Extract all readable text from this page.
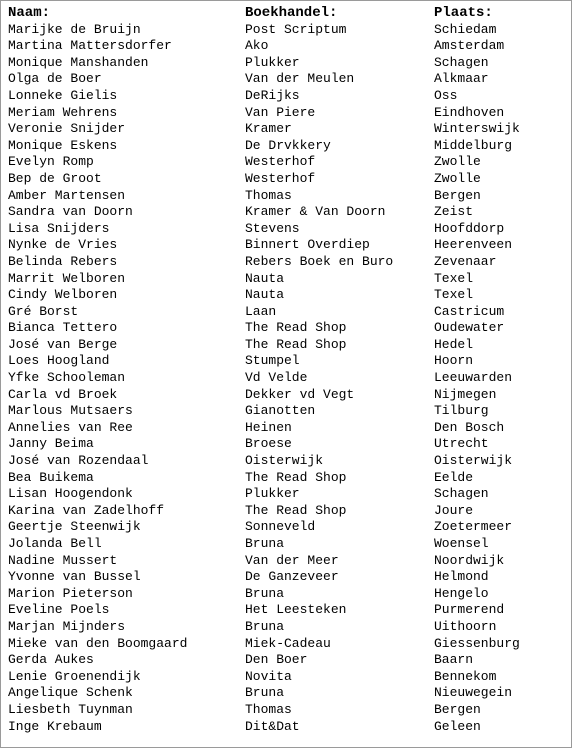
Naam:	Boekhandel:	Plaats:
Marijke de Bruijn	Post Scriptum	Schiedam
Martina Mattersdorfer	Ako	Amsterdam
Monique Manshanden	Plukker	Schagen
Olga de Boer	Van der Meulen	Alkmaar
Lonneke Gielis	DeRijks	Oss
Meriam Wehrens	Van Piere	Eindhoven
Veronie Snijder	Kramer	Winterswijk
Monique Eskens	De Drvkkery	Middelburg
Evelyn Romp	Westerhof	Zwolle
Bep de Groot	Westerhof	Zwolle
Amber Martensen	Thomas	Bergen
Sandra van Doorn	Kramer & Van Doorn	Zeist
Lisa Snijders	Stevens	Hoofddorp
Nynke de Vries	Binnert Overdiep	Heerenveen
Belinda Rebers	Rebers Boek en Buro	Zevenaar
Marrit Welboren	Nauta	Texel
Cindy Welboren	Nauta	Texel
Gré Borst	Laan	Castricum
Bianca Tettero	The Read Shop	Oudewater
José van Berge	The Read Shop	Hedel
Loes Hoogland	Stumpel	Hoorn
Yfke Schooleman	Vd Velde	Leeuwarden
Carla vd Broek	Dekker vd Vegt	Nijmegen
Marlous Mutsaers	Gianotten	Tilburg
Annelies van Ree	Heinen	Den Bosch
Janny Beima	Broese	Utrecht
José van Rozendaal	Oisterwijk	Oisterwijk
Bea Buikema	The Read Shop	Eelde
Lisan Hoogendonk	Plukker	Schagen
Karina van Zadelhoff	The Read Shop	Joure
Geertje Steenwijk	Sonneveld	Zoetermeer
Jolanda Bell	Bruna	Woensel
Nadine Mussert	Van der Meer	Noordwijk
Yvonne van Bussel	De Ganzeveer	Helmond
Marion Pieterson	Bruna	Hengelo
Eveline Poels	Het Leesteken	Purmerend
Marjan Mijnders	Bruna	Uithoorn
Mieke van den Boomgaard	Miek-Cadeau	Giessenburg
Gerda Aukes	Den Boer	Baarn
Lenie Groenendijk	Novita	Bennekom
Angelique Schenk	Bruna	Nieuwegein
Liesbeth Tuynman	Thomas	Bergen
Inge Krebaum	Dit&Dat	Geleen
